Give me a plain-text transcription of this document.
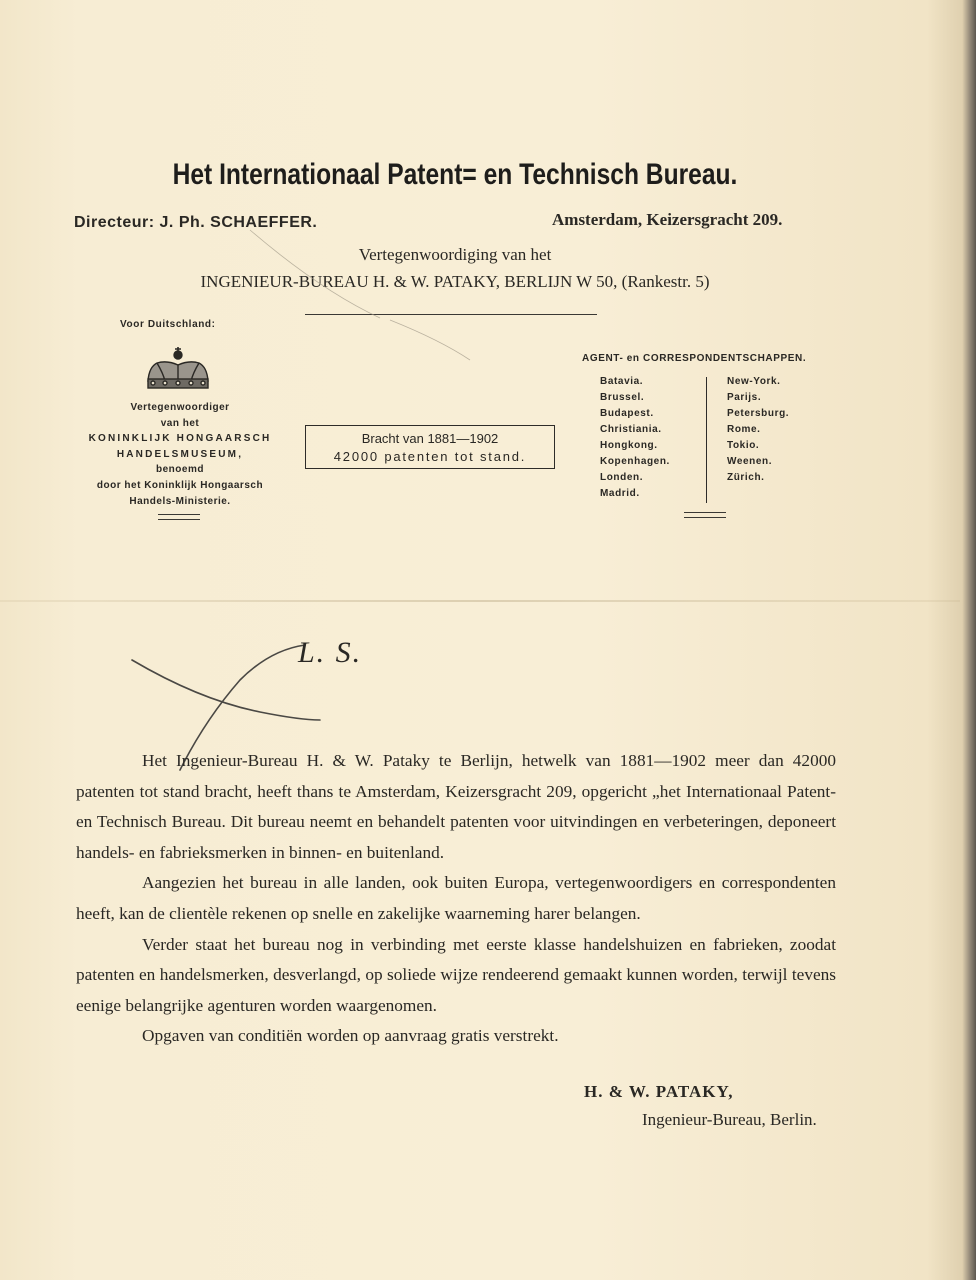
Het Internationaal Patent= en Technisch Bureau.
Directeur: J. Ph. SCHAEFFER.	Amsterdam, Keizersgracht 209.
Vertegenwoordiging van het
INGENIEUR-BUREAU H. & W. PATAKY, BERLIJN W 50, (Rankestr. 5)
Voor Duitschland:
Vertegenwoordiger
van het
KONINKLIJK HONGAARSCH
HANDELSMUSEUM,
benoemd
door het Koninklijk Hongaarsch
Handels-Ministerie.
Bracht van 1881—1902
42000 patenten tot stand.
AGENT- en CORRESPONDENTSCHAPPEN.
Batavia.
Brussel.
Budapest.
Christiania.
Hongkong.
Kopenhagen.
Londen.
Madrid.
New-York.
Parijs.
Petersburg.
Rome.
Tokio.
Weenen.
Zürich.
L. S.

Het Ingenieur-Bureau H. & W. Pataky te Berlijn, hetwelk van 1881—1902 meer dan 42000 patenten tot stand bracht, heeft thans te Amsterdam, Keizersgracht 209, opgericht „het Internationaal Patent- en Technisch Bureau. Dit bureau neemt en behandelt patenten voor uitvindingen en verbeteringen, deponeert handels- en fabrieksmerken in binnen- en buitenland.

Aangezien het bureau in alle landen, ook buiten Europa, vertegenwoordigers en correspondenten heeft, kan de clientèle rekenen op snelle en zakelijke waarneming harer belangen.

Verder staat het bureau nog in verbinding met eerste klasse handelshuizen en fabrieken, zoodat patenten en handelsmerken, desverlangd, op soliede wijze rendeerend gemaakt kunnen worden, terwijl tevens eenige belangrijke agenturen worden waargenomen.

Opgaven van conditiën worden op aanvraag gratis verstrekt.

H. & W. PATAKY,
Ingenieur-Bureau, Berlin.
